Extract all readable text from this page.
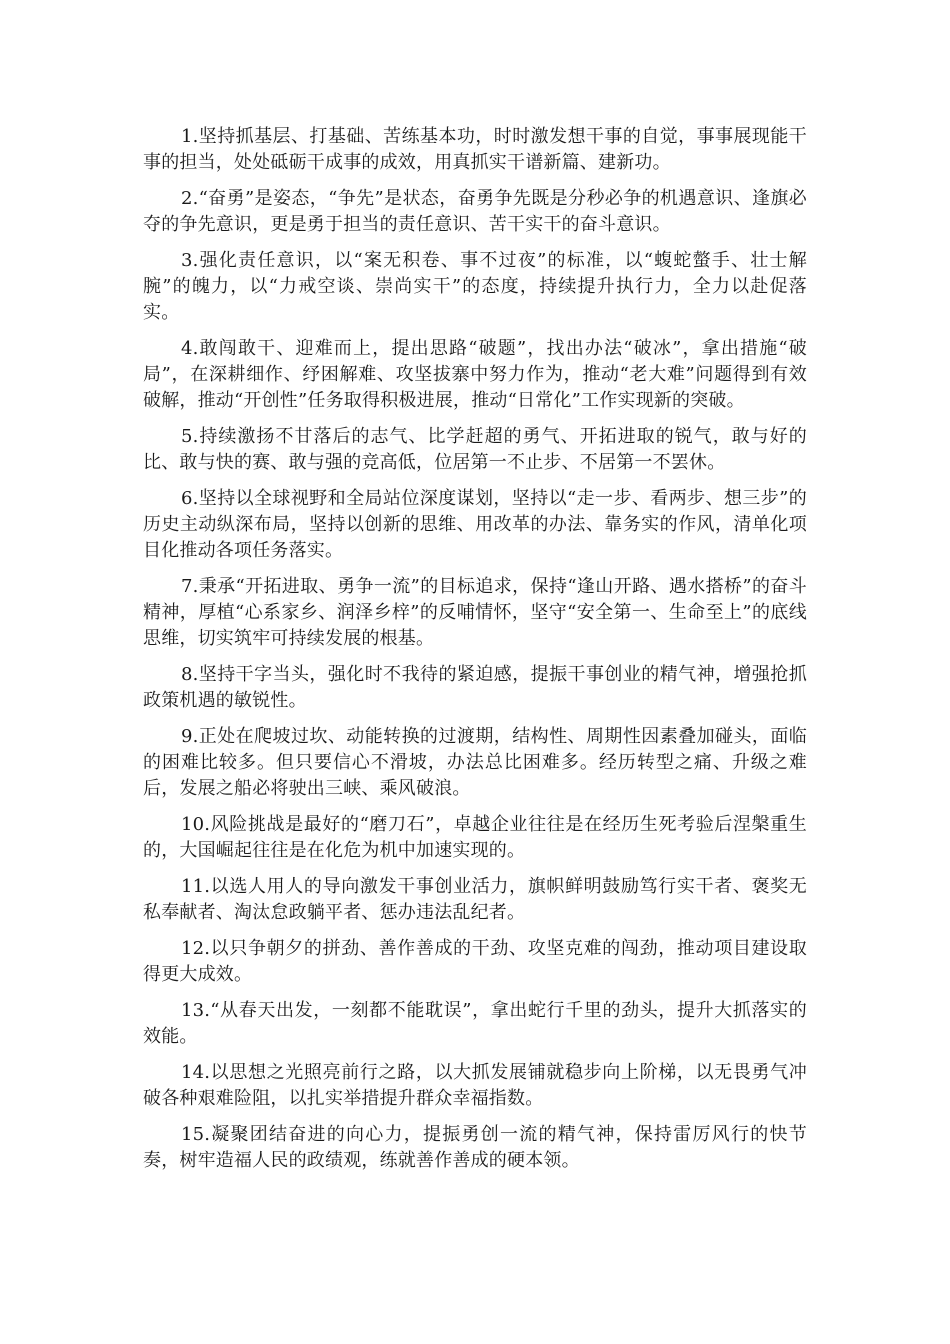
1.坚持抓基层、打基础、苦练基本功，时时激发想干事的自觉，事事展现能干事的担当，处处砥砺干成事的成效，用真抓实干谱新篇、建新功。

2.“奋勇”是姿态，“争先”是状态，奋勇争先既是分秒必争的机遇意识、逢旗必夺的争先意识，更是勇于担当的责任意识、苦干实干的奋斗意识。

3.强化责任意识，以“案无积卷、事不过夜”的标准，以“蝮蛇螫手、壮士解腕”的魄力，以“力戒空谈、崇尚实干”的态度，持续提升执行力，全力以赴促落实。

4.敢闯敢干、迎难而上，提出思路“破题”，找出办法“破冰”，拿出措施“破局”，在深耕细作、纾困解难、攻坚拔寨中努力作为，推动“老大难”问题得到有效破解，推动“开创性”任务取得积极进展，推动“日常化”工作实现新的突破。

5.持续激扬不甘落后的志气、比学赶超的勇气、开拓进取的锐气，敢与好的比、敢与快的赛、敢与强的竞高低，位居第一不止步、不居第一不罢休。

6.坚持以全球视野和全局站位深度谋划，坚持以“走一步、看两步、想三步”的历史主动纵深布局，坚持以创新的思维、用改革的办法、靠务实的作风，清单化项目化推动各项任务落实。

7.秉承“开拓进取、勇争一流”的目标追求，保持“逢山开路、遇水搭桥”的奋斗精神，厚植“心系家乡、润泽乡梓”的反哺情怀，坚守“安全第一、生命至上”的底线思维，切实筑牢可持续发展的根基。

8.坚持干字当头，强化时不我待的紧迫感，提振干事创业的精气神，增强抢抓政策机遇的敏锐性。

9.正处在爬坡过坎、动能转换的过渡期，结构性、周期性因素叠加碰头，面临的困难比较多。但只要信心不滑坡，办法总比困难多。经历转型之痛、升级之难后，发展之船必将驶出三峡、乘风破浪。

10.风险挑战是最好的“磨刀石”，卓越企业往往是在经历生死考验后涅槃重生的，大国崛起往往是在化危为机中加速实现的。

11.以选人用人的导向激发干事创业活力，旗帜鲜明鼓励笃行实干者、褒奖无私奉献者、淘汰怠政躺平者、惩办违法乱纪者。

12.以只争朝夕的拼劲、善作善成的干劲、攻坚克难的闯劲，推动项目建设取得更大成效。

13.“从春天出发，一刻都不能耽误”，拿出蛇行千里的劲头，提升大抓落实的效能。

14.以思想之光照亮前行之路，以大抓发展铺就稳步向上阶梯，以无畏勇气冲破各种艰难险阻，以扎实举措提升群众幸福指数。

15.凝聚团结奋进的向心力，提振勇创一流的精气神，保持雷厉风行的快节奏，树牢造福人民的政绩观，练就善作善成的硬本领。
